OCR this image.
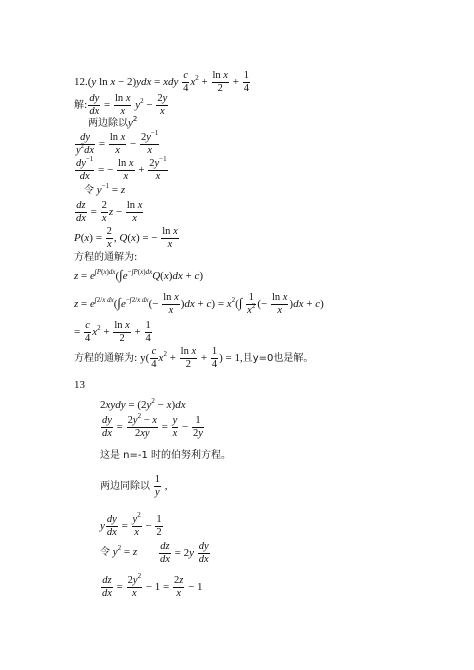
12.(y ln x − 2)ydx = xdy $\frac{c}{4} x^2 + \frac{\text{ln x}}{2} + \frac{1}{4}$
解: $\frac{dy}{dx} = \frac{\text{ln x}}{x} y^2 - \frac{2y}{x}$
两边除以$y^2$
$\frac{dy}{y^2dx} = \frac{\text{ln x}}{x} - \frac{2y^{-1}}{x}$
$\frac{dy^{-1}}{dx}$ = − $\frac{\text{ln x}}{x} + \frac{2y^{-1}}{x}$
令 $y^{-1} = z$
$\frac{dz}{dx} = \frac{2}{x}$ $z - \frac{\text{ln x}}{x}$
$P(x) = \frac{2}{x}$ , Q(x) = − $\frac{\text{ln x}}{x}$
方程的通解为:
$z = e^{\int P(x)dx}(\int e^{-\int P(x)dx}Q(x)dx + c)$
$z = e^{\int 2/x dx}(\int e^{-\int 2/x dx}(- \frac{\text{ln x}}{x} )dx + c) = x^2(\int \frac{1}{x^2}$ (− $\frac{\text{ln x}}{x} )dx + c$)
= $\frac{c}{4} x^2 + \frac{\text{ln x}}{2} + \frac{1}{4}$
方程的通解为: $y( \frac{c}{4} x^2 + \frac{\text{ln x}}{2} + \frac{1}{4}$ ) = 1,且y=0也是解。
13
2xydy = $(2y^2 - x)dx$
$\frac{dy}{dx} = \frac{2y^2 - x}{2xy} = \frac{y}{x} - \frac{1}{2y}$
这是 n=-1 时的伯努利方程。
两边同除以 $\frac{1}{y}$ ,
y $\frac{dy}{dx} = \frac{y^2}{x} - \frac{1}{2}$
令 $y^2 = z \frac{dz}{dx} = 2y \frac{dy}{dx}$
$\frac{dz}{dx} = \frac{2y^2}{x} - 1 = \frac{2z}{x} - 1$
